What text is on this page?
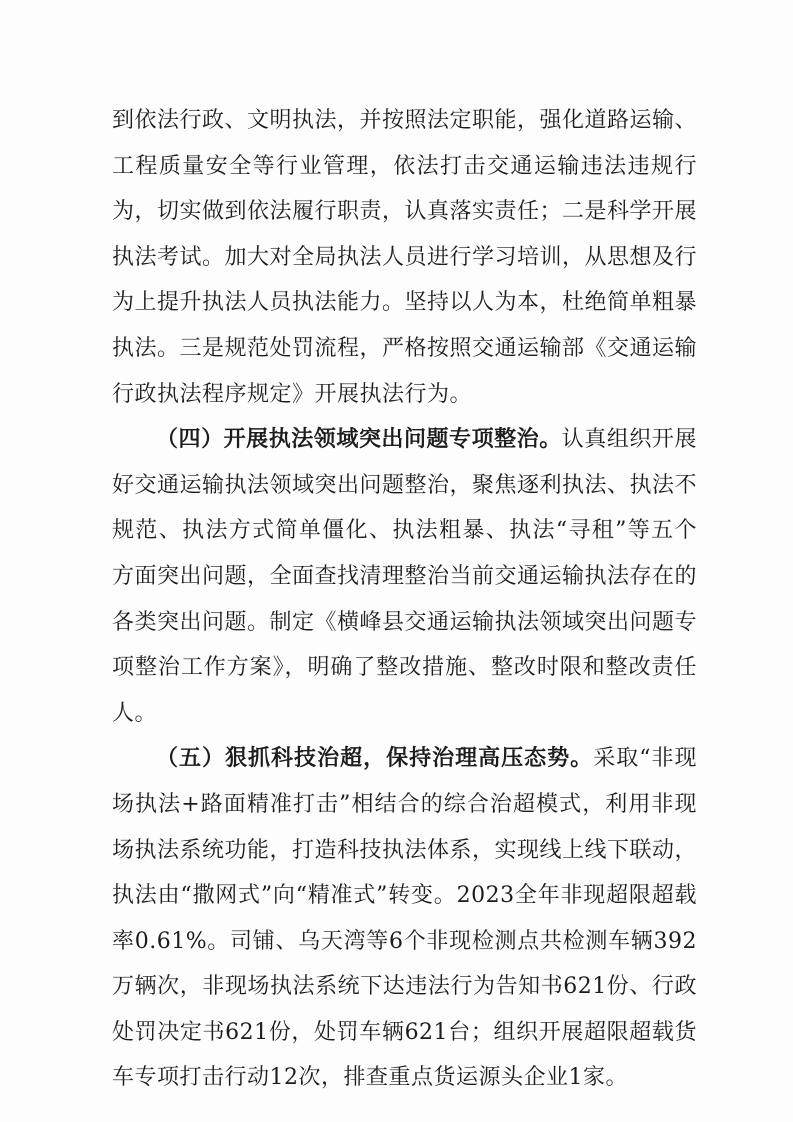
到依法行政、文明执法，并按照法定职能，强化道路运输、工程质量安全等行业管理，依法打击交通运输违法违规行为，切实做到依法履行职责，认真落实责任；二是科学开展执法考试。加大对全局执法人员进行学习培训，从思想及行为上提升执法人员执法能力。坚持以人为本，杜绝简单粗暴执法。三是规范处罚流程，严格按照交通运输部《交通运输行政执法程序规定》开展执法行为。

（四）开展执法领域突出问题专项整治。认真组织开展好交通运输执法领域突出问题整治，聚焦逐利执法、执法不规范、执法方式简单僵化、执法粗暴、执法“寻租”等五个方面突出问题，全面查找清理整治当前交通运输执法存在的各类突出问题。制定《横峰县交通运输执法领域突出问题专项整治工作方案》，明确了整改措施、整改时限和整改责任人。

（五）狠抓科技治超，保持治理高压态势。采取“非现场执法+路面精准打击”相结合的综合治超模式，利用非现场执法系统功能，打造科技执法体系，实现线上线下联动，执法由“撒网式”向“精准式”转变。2023全年非现超限超载率0.61%。司铺、乌天湾等6个非现检测点共检测车辆392万辆次，非现场执法系统下达违法行为告知书621份、行政处罚决定书621份，处罚车辆621台；组织开展超限超载货车专项打击行动12次，排查重点货运源头企业1家。
